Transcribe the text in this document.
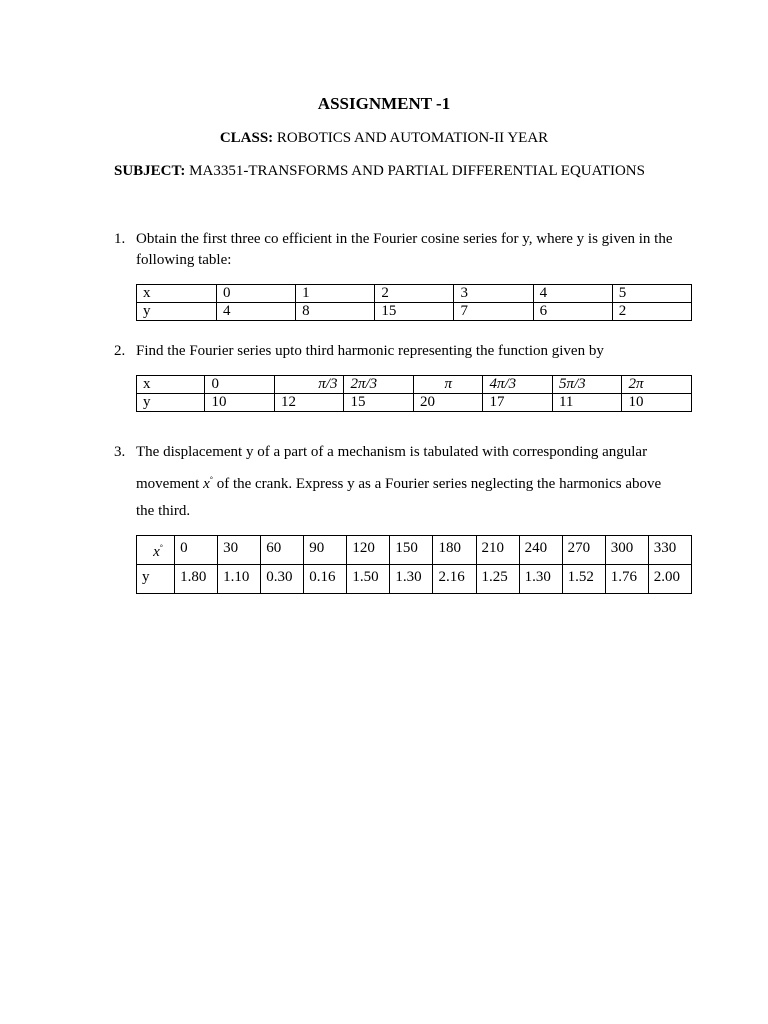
ASSIGNMENT -1
CLASS: ROBOTICS AND AUTOMATION-II YEAR
SUBJECT: MA3351-TRANSFORMS AND PARTIAL DIFFERENTIAL EQUATIONS
1. Obtain the first three co efficient in the Fourier cosine series for y, where y is given in the following table:
x	0	1	2	3	4	5
y	4	8	15	7	6	2
2. Find the Fourier series upto third harmonic representing the function given by
x	0	π/3	2π/3	π	4π/3	5π/3	2π
y	10	12	15	20	17	11	10
3. The displacement y of a part of a mechanism is tabulated with corresponding angular
movement x° of the crank. Express y as a Fourier series neglecting the harmonics above
the third.
x°	0	30	60	90	120	150	180	210	240	270	300	330
y	1.80	1.10	0.30	0.16	1.50	1.30	2.16	1.25	1.30	1.52	1.76	2.00
